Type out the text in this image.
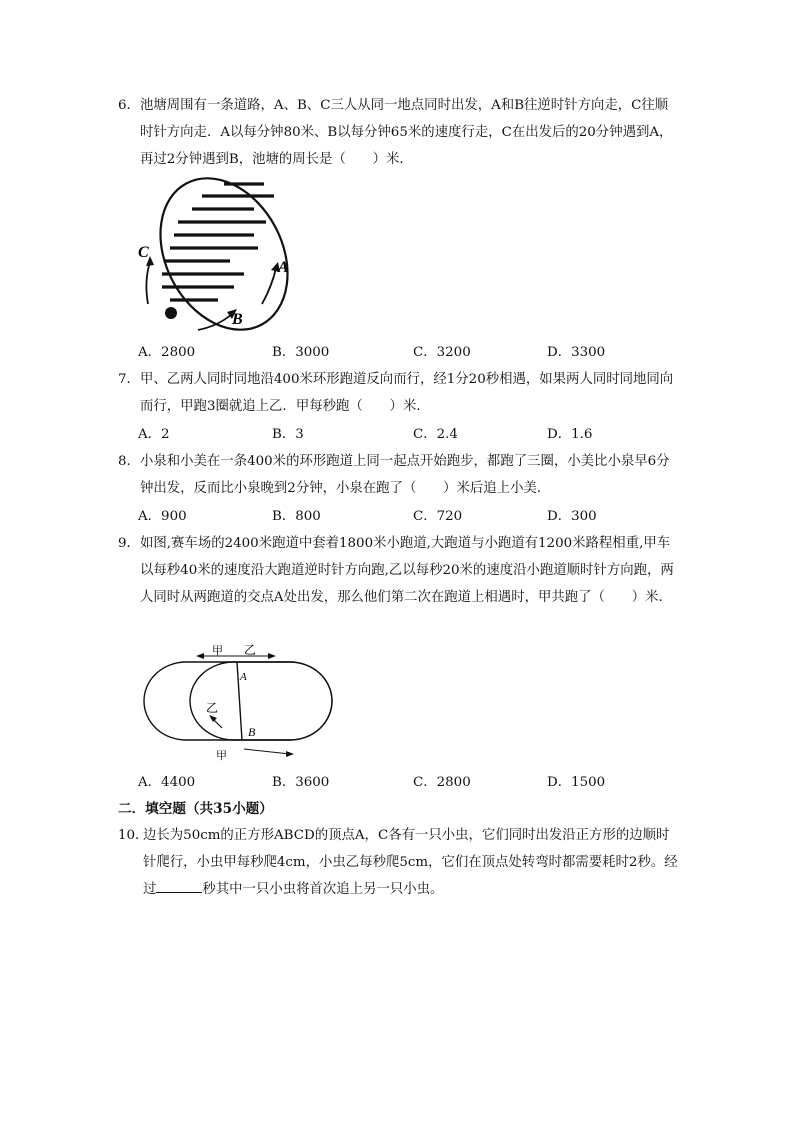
6． 池塘周围有一条道路，A、B、C三人从同一地点同时出发，A和B往逆时针方向走，C往顺时针方向走．A以每分钟80米、B以每分钟65米的速度行走，C在出发后的20分钟遇到A，再过2分钟遇到B，池塘的周长是（　　）米．
C
A
B
A．2800	B．3000	C．3200	D．3300
7． 甲、乙两人同时同地沿400米环形跑道反向而行，经1分20秒相遇，如果两人同时同地同向而行，甲跑3圈就追上乙．甲每秒跑（　　）米．
A．2	B．3	C．2.4	D．1.6
8． 小泉和小美在一条400米的环形跑道上同一起点开始跑步，都跑了三圈，小美比小泉早6分钟出发，反而比小泉晚到2分钟，小泉在跑了（　　）米后追上小美．
A．900	B．800	C．720	D．300
9． 如图,赛车场的2400米跑道中套着1800米小跑道,大跑道与小跑道有1200米路程相重,甲车以每秒40米的速度沿大跑道逆时针方向跑,乙以每秒20米的速度沿小跑道顺时针方向跑，两人同时从两跑道的交点A处出发，那么他们第二次在跑道上相遇时，甲共跑了（　　）米．
甲 乙
A
乙
B
甲
A．4400	B．3600	C．2800	D．1500
二．填空题（共35小题）
10．
边长为50cm的正方形ABCD的顶点A，C各有一只小虫，它们同时出发沿正方形的边顺时针爬行，小虫甲每秒爬4cm，小虫乙每秒爬5cm，它们在顶点处转弯时都需要耗时2秒。经过	秒其中一只小虫将首次追上另一只小虫。
